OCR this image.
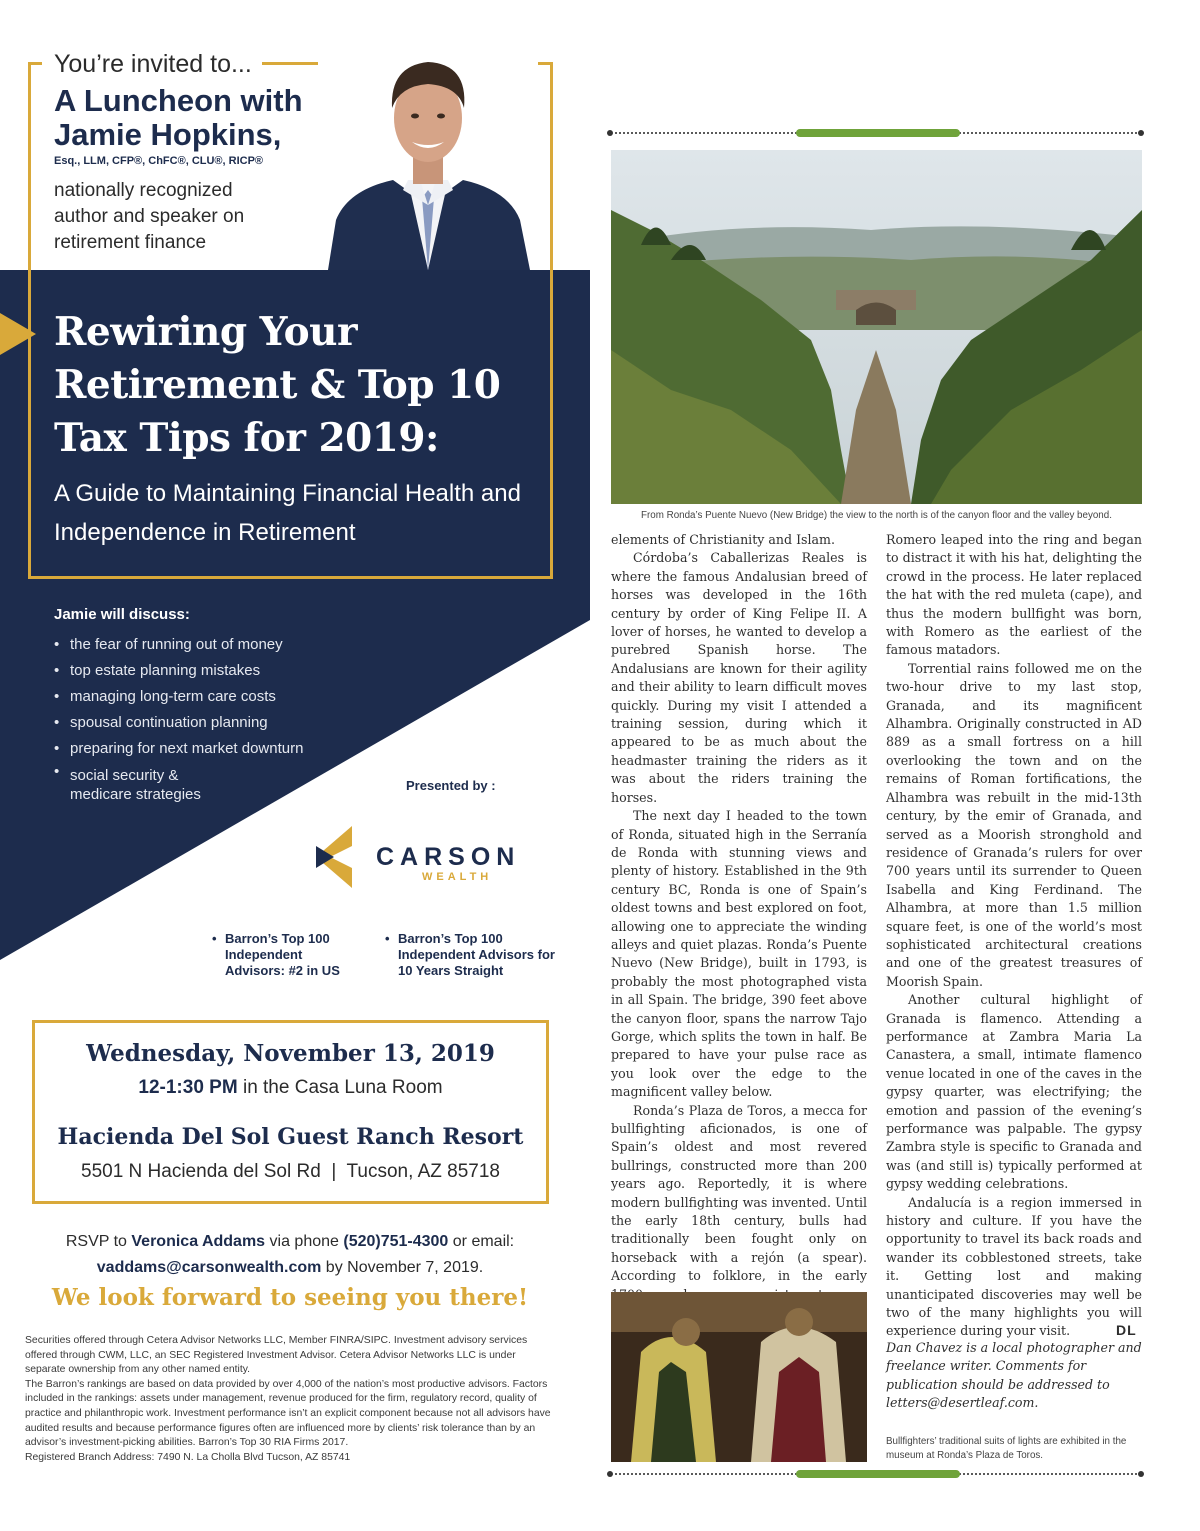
You’re invited to...
A Luncheon with Jamie Hopkins,
Esq., LLM, CFP®, ChFC®, CLU®, RICP®
nationally recognized author and speaker on retirement finance
Rewiring Your Retirement & Top 10 Tax Tips for 2019:
A Guide to Maintaining Financial Health and Independence in Retirement
Jamie will discuss:
• the fear of running out of money
• top estate planning mistakes
• managing long-term care costs
• spousal continuation planning
• preparing for next market downturn
• social security & medicare strategies
Presented by :
CARSON
WEALTH
• Barron’s Top 30 RIA Firms
• Barron’s Top 100 Independent Advisors: #2 in US
• Barron’s Top 100 Independent Advisors for 10 Years Straight
Wednesday, November 13, 2019
12-1:30 PM in the Casa Luna Room
Hacienda Del Sol Guest Ranch Resort
5501 N Hacienda del Sol Rd  |  Tucson, AZ 85718
RSVP to Veronica Addams via phone (520)751-4300 or email:
vaddams@carsonwealth.com by November 7, 2019.
We look forward to seeing you there!
Securities offered through Cetera Advisor Networks LLC, Member FINRA/SIPC. Investment advisory services offered through CWM, LLC, an SEC Registered Investment Advisor. Cetera Advisor Networks LLC is under separate ownership from any other named entity.
The Barron’s rankings are based on data provided by over 4,000 of the nation’s most productive advisors. Factors included in the rankings: assets under management, revenue produced for the firm, regulatory record, quality of practice and philanthropic work. Investment performance isn’t an explicit component because not all advisors have audited results and because performance figures often are influenced more by clients’ risk tolerance than by an advisor’s investment-picking abilities. Barron’s Top 30 RIA Firms 2017.
Registered Branch Address: 7490 N. La Cholla Blvd Tucson, AZ 85741
From Ronda’s Puente Nuevo (New Bridge) the view to the north is of the canyon floor and the valley beyond.

elements of Christianity and Islam.

Córdoba’s Caballerizas Reales is where the famous Andalusian breed of horses was developed in the 16th century by order of King Felipe II. A lover of horses, he wanted to develop a purebred Spanish horse. The Andalusians are known for their agility and their ability to learn difficult moves quickly. During my visit I attended a training session, during which it appeared to be as much about the headmaster training the riders as it was about the riders training the horses.

The next day I headed to the town of Ronda, situated high in the Serranía de Ronda with stunning views and plenty of history. Established in the 9th century BC, Ronda is one of Spain’s oldest towns and best explored on foot, allowing one to appreciate the winding alleys and quiet plazas. Ronda’s Puente Nuevo (New Bridge), built in 1793, is probably the most photographed vista in all Spain. The bridge, 390 feet above the canyon floor, spans the narrow Tajo Gorge, which splits the town in half. Be prepared to have your pulse race as you look over the edge to the magnificent valley below.

Ronda’s Plaza de Toros, a mecca for bullfighting aficionados, is one of Spain’s oldest and most revered bullrings, constructed more than 200 years ago. Reportedly, it is where modern bullfighting was invented. Until the early 18th century, bulls had traditionally been fought only on horseback with a rejón (a spear). According to folklore, in the early

Romero leaped into the ring and began to distract it with his hat, delighting the crowd in the process. He later replaced the hat with the red muleta (cape), and thus the modern bullfight was born, with Romero as the earliest of the famous matadors.

Torrential rains followed me on the two-hour drive to my last stop, Granada, and its magnificent Alhambra. Originally constructed in AD 889 as a small fortress on a hill overlooking the town and on the remains of Roman fortifications, the Alhambra was rebuilt in the mid-13th century, by the emir of Granada, and served as a Moorish stronghold and residence of Granada’s rulers for over 700 years until its surrender to Queen Isabella and King Ferdinand. The Alhambra, at more than 1.5 million square feet, is one of the world’s most sophisticated architectural creations and one of the greatest treasures of Moorish Spain.

Another cultural highlight of Granada is flamenco. Attending a performance at Zambra Maria La Canastera, a small, intimate flamenco venue located in one of the caves in the gypsy quarter, was electrifying; the emotion and passion of the evening’s performance was palpable. The gypsy Zambra style is specific to Granada and was (and still is) typically performed at gypsy wedding celebrations.

Andalucía is a region immersed in history and culture. If you have the opportunity to travel its back roads and wander its cobblestoned streets, take it. Getting lost and making unanticipated discoveries may well be two of the many highlights you will experience during your visit.	DL
Dan Chavez is a local photographer and freelance writer. Comments for publication should be addressed to letters@desertleaf.com.
Bullfighters’ traditional suits of lights are exhibited in the museum at Ronda’s Plaza de Toros.
